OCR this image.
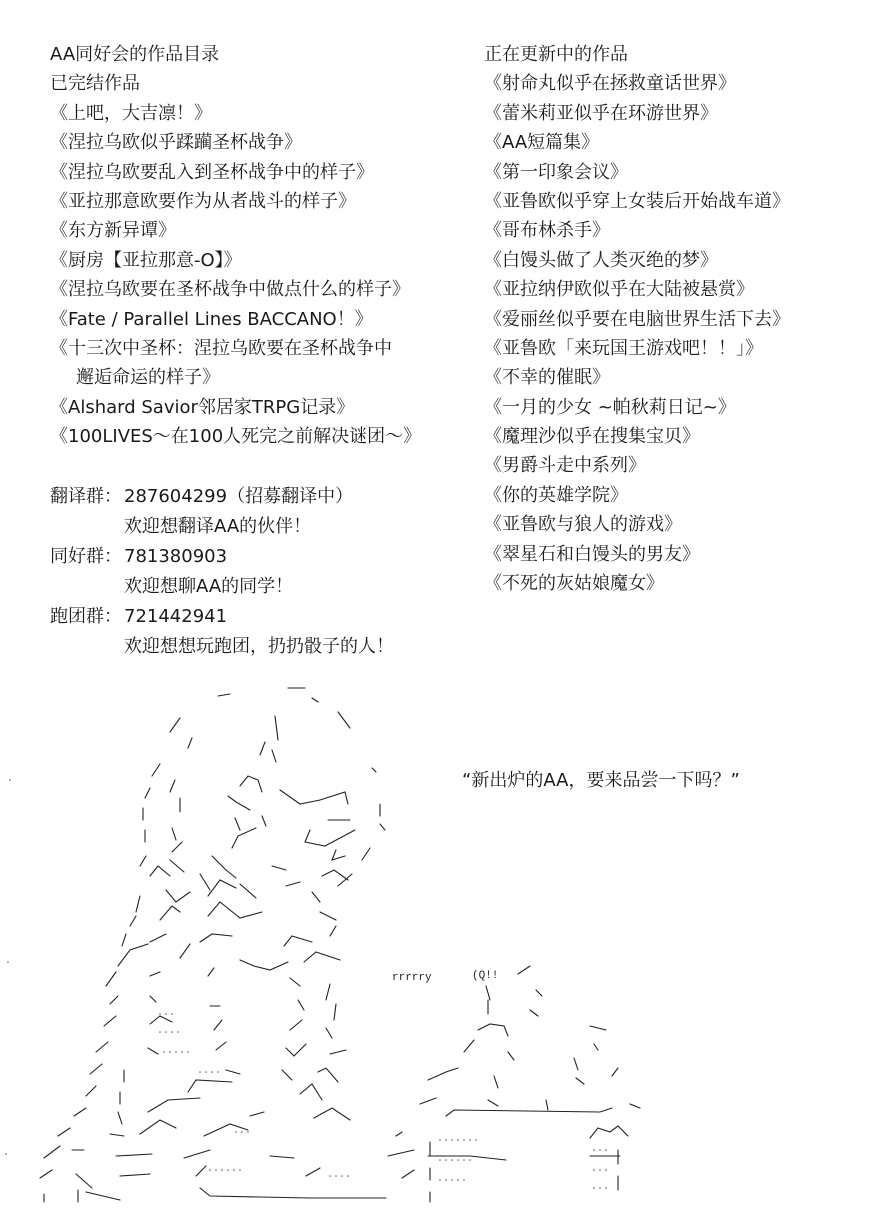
AA同好会的作品目录
已完结作品
《上吧，大吉凛！》
《涅拉乌欧似乎蹂躏圣杯战争》
《涅拉乌欧要乱入到圣杯战争中的样子》
《亚拉那意欧要作为从者战斗的样子》
《东方新异谭》
《厨房【亚拉那意-O】》
《涅拉乌欧要在圣杯战争中做点什么的样子》
《Fate / Parallel Lines BACCANO！》
《十三次中圣杯：涅拉乌欧要在圣杯战争中
邂逅命运的样子》
《Alshard Savior邻居家TRPG记录》
《100LIVES～在100人死完之前解决谜团～》
正在更新中的作品
《射命丸似乎在拯救童话世界》
《蕾米莉亚似乎在环游世界》
《AA短篇集》
《第一印象会议》
《亚鲁欧似乎穿上女装后开始战车道》
《哥布林杀手》
《白馒头做了人类灭绝的梦》
《亚拉纳伊欧似乎在大陆被悬赏》
《爱丽丝似乎要在电脑世界生活下去》
《亚鲁欧「来玩国王游戏吧！！」》
《不幸的催眠》
《一月的少女 ~帕秋莉日记~》
《魔理沙似乎在搜集宝贝》
《男爵斗走中系列》
《你的英雄学院》
《亚鲁欧与狼人的游戏》
《翠星石和白馒头的男友》
《不死的灰姑娘魔女》
翻译群： 287604299（招募翻译中）
欢迎想翻译AA的伙伴！
同好群： 781380903
欢迎想聊AA的同学！
跑团群： 721442941
欢迎想想玩跑团，扔扔骰子的人！
“新出炉的AA，要来品尝一下吗？”
rrrrry	(Q!!
